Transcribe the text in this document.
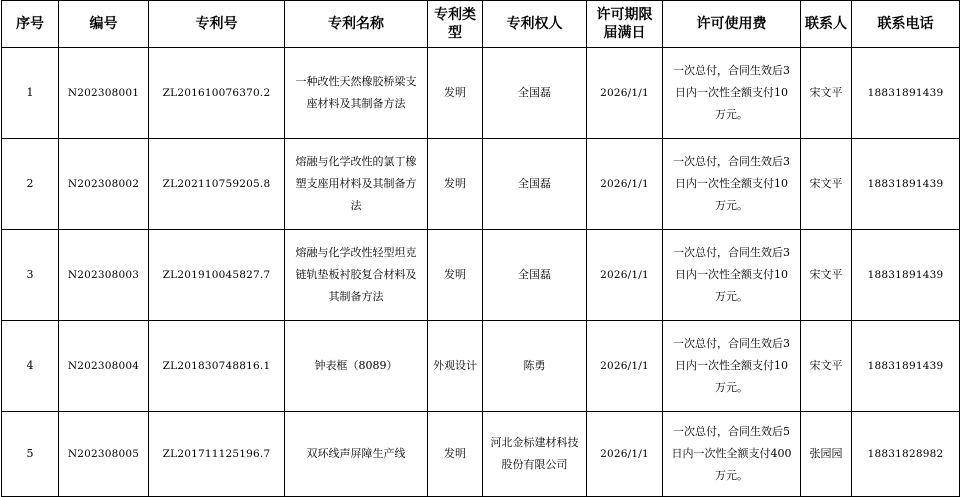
序号	编号	专利号	专利名称	专利类型	专利权人	许可期限届满日	许可使用费	联系人	联系电话
1	N202308001	ZL201610076370.2	一种改性天然橡胶桥梁支座材料及其制备方法	发明	全国磊	2026/1/1	一次总付，合同生效后3日内一次性全额支付10万元。	宋文平	18831891439
2	N202308002	ZL202110759205.8	熔融与化学改性的氯丁橡塑支座用材料及其制备方法	发明	全国磊	2026/1/1	一次总付，合同生效后3日内一次性全额支付10万元。	宋文平	18831891439
3	N202308003	ZL201910045827.7	熔融与化学改性轻型坦克链轨垫板衬胶复合材料及其制备方法	发明	全国磊	2026/1/1	一次总付，合同生效后3日内一次性全额支付10万元。	宋文平	18831891439
4	N202308004	ZL201830748816.1	钟表框（8089）	外观设计	陈勇	2026/1/1	一次总付，合同生效后3日内一次性全额支付10万元。	宋文平	18831891439
5	N202308005	ZL201711125196.7	双环线声屏障生产线	发明	河北金标建材科技股份有限公司	2026/1/1	一次总付，合同生效后5日内一次性全额支付400万元。	张园园	18831828982
